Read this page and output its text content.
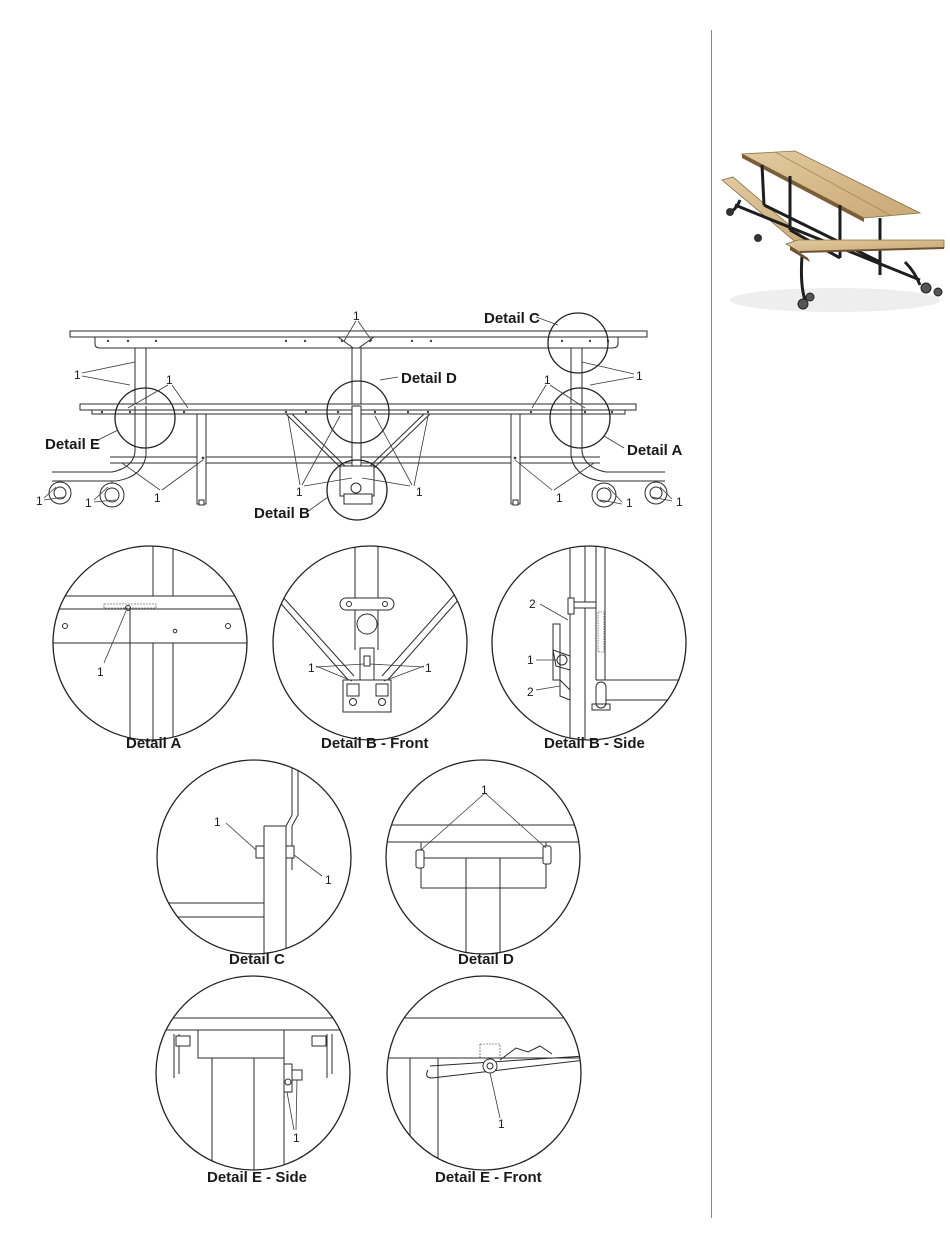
Detail C
Detail D
Detail E	Detail A
Detail B
1
1	1
1	1
1	1
1	1
1	1	1	1
1
Detail A
1	1
Detail B - Front
2
1
2
Detail B - Side
1
1
Detail C
1
Detail D
1
Detail E - Side
1
Detail E - Front
